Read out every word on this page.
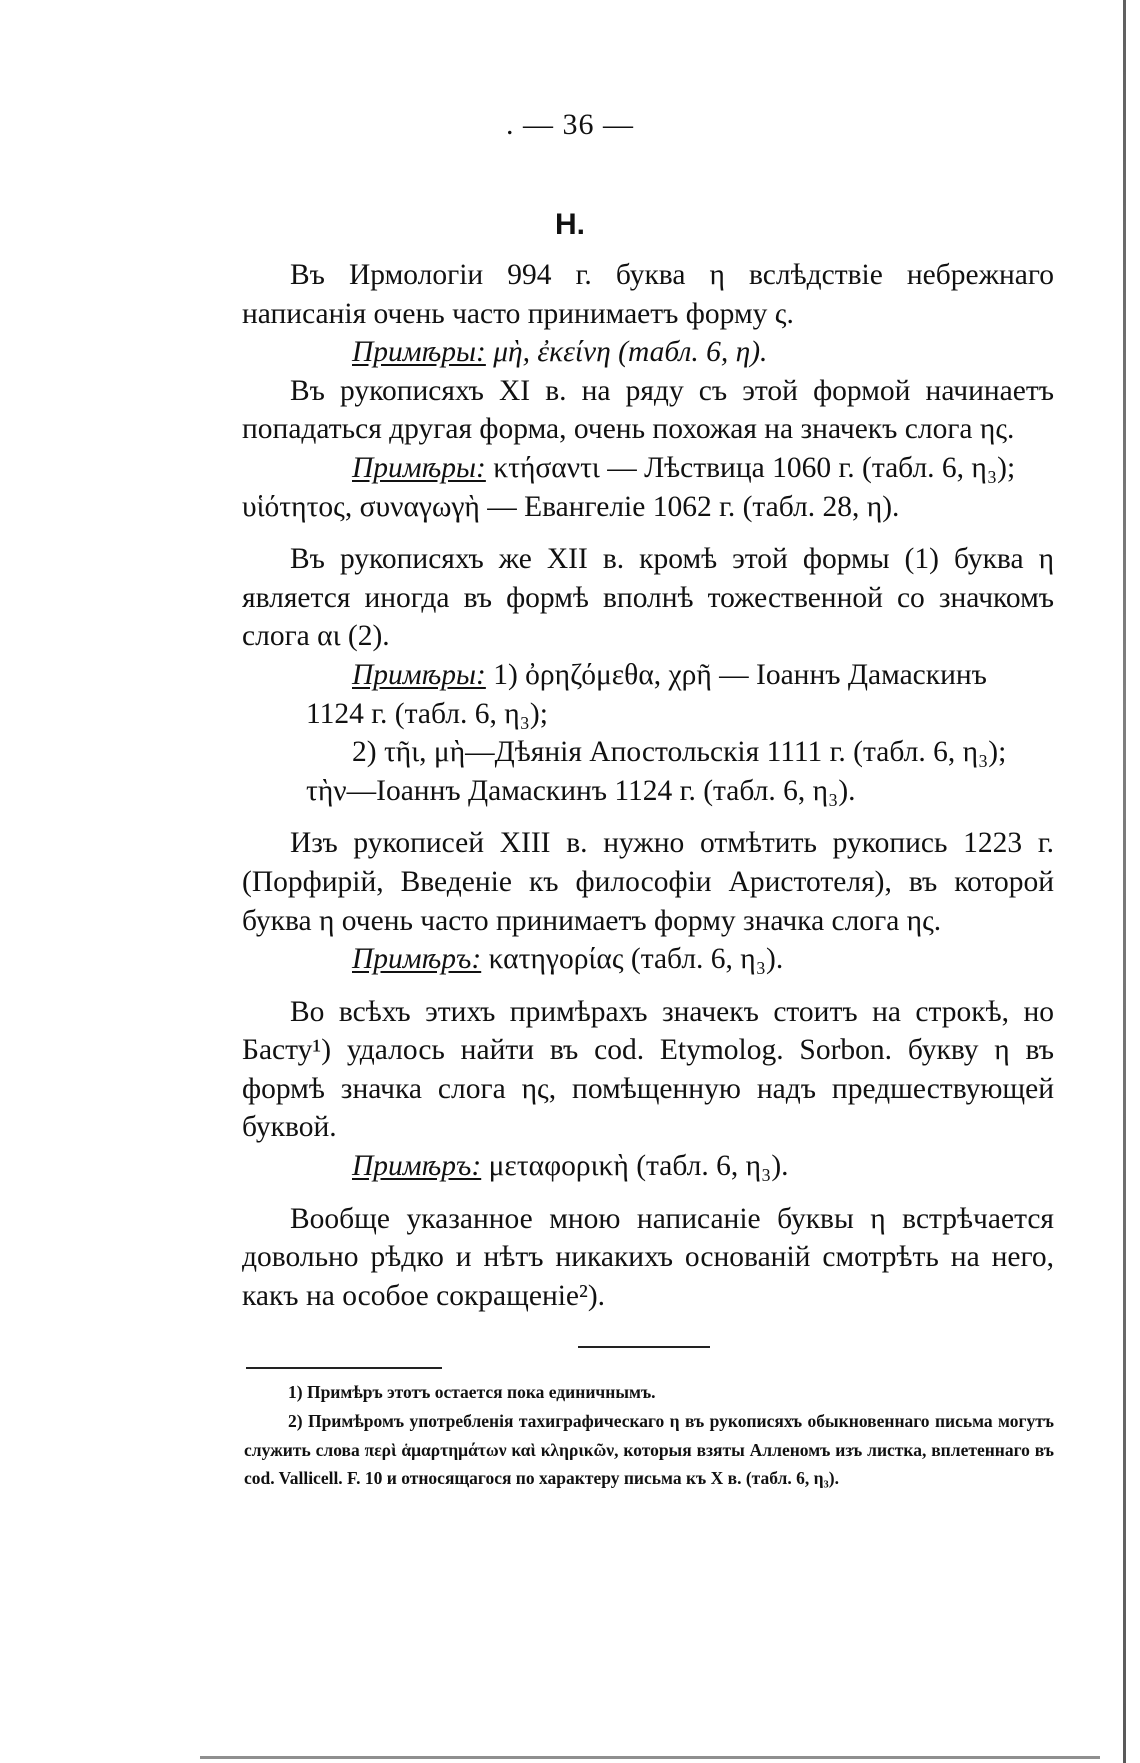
. — 36 —
Н.

Въ Ирмологіи 994 г. буква η вслѣдствіе небрежнаго написанія очень часто принимаетъ форму ς.

Примѣры: μὴ, ἐκείνη (табл. 6, η).

Въ рукописяхъ XI в. на ряду съ этой формой начинаетъ попадаться другая форма, очень похожая на значекъ слога ης.

Примѣры: κτήσαντι — Лѣствица 1060 г. (табл. 6, η₃);

υἱότητος, συναγωγὴ — Евангеліе 1062 г. (табл. 28, η).

Въ рукописяхъ же XII в. кромѣ этой формы (1) буква η является иногда въ формѣ вполнѣ тожественной со значкомъ слога αι (2).

Примѣры: 1) ὀρηζόμεθα, χρῆ — Іоаннъ Дамаскинъ

1124 г. (табл. 6, η₃);

2) τῆι, μὴ—Дѣянія Апостольскія 1111 г. (табл. 6, η₃);

τὴν—Іоаннъ Дамаскинъ 1124 г. (табл. 6, η₃).

Изъ рукописей XIII в. нужно отмѣтить рукопись 1223 г. (Порфирій, Введеніе къ философіи Аристотеля), въ которой буква η очень часто принимаетъ форму значка слога ης.

Примѣръ: κατηγορίας (табл. 6, η₃).

Во всѣхъ этихъ примѣрахъ значекъ стоитъ на строкѣ, но Басту¹) удалось найти въ cod. Etymolog. Sorbon. букву η въ формѣ значка слога ης, помѣщенную надъ предшествующей буквой.

Примѣръ: μεταφορικὴ (табл. 6, η₃).

Вообще указанное мною написаніе буквы η встрѣчается довольно рѣдко и нѣтъ никакихъ основаній смотрѣть на него, какъ на особое сокращеніе²).

1) Примѣръ этотъ остается пока единичнымъ.

2) Примѣромъ употребленія тахиграфическаго η въ рукописяхъ обыкновеннаго письма могутъ служить слова περὶ ἁμαρτημάτων καὶ κληρικῶν, которыя взяты Алленомъ изъ листка, вплетеннаго въ cod. Vallicell. F. 10 и относящагося по характеру письма къ X в. (табл. 6, η₃).
